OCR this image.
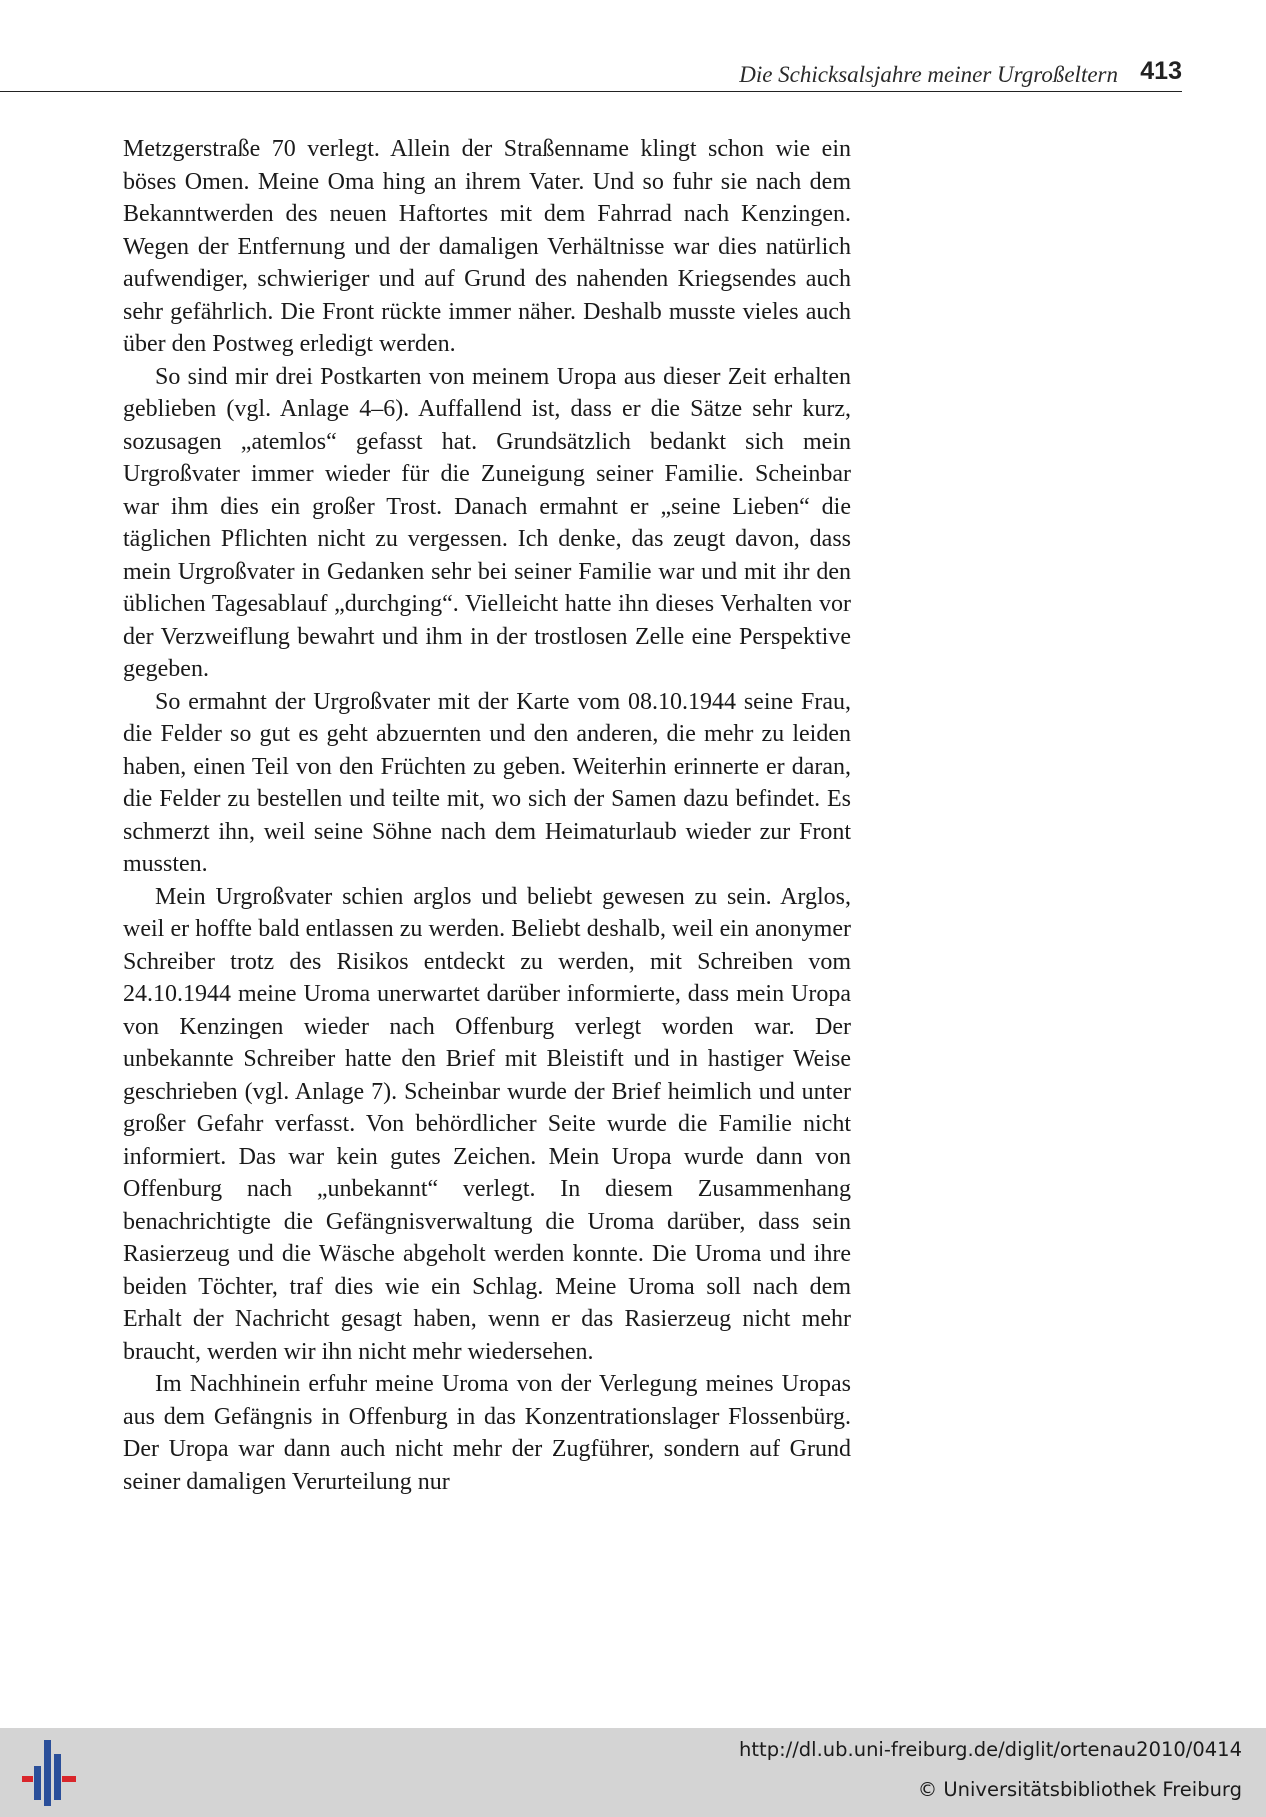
Die Schicksalsjahre meiner Urgroßeltern 413

Metzgerstraße 70 verlegt. Allein der Straßenname klingt schon wie ein böses Omen. Meine Oma hing an ihrem Vater. Und so fuhr sie nach dem Bekanntwerden des neuen Haftortes mit dem Fahrrad nach Kenzingen. Wegen der Entfernung und der damaligen Verhältnisse war dies natürlich aufwendiger, schwieriger und auf Grund des nahenden Kriegsendes auch sehr gefährlich. Die Front rückte immer näher. Deshalb musste vieles auch über den Postweg erledigt werden.

So sind mir drei Postkarten von meinem Uropa aus dieser Zeit erhalten geblieben (vgl. Anlage 4–6). Auffallend ist, dass er die Sätze sehr kurz, sozusagen „atemlos“ gefasst hat. Grundsätzlich bedankt sich mein Urgroßvater immer wieder für die Zuneigung seiner Familie. Scheinbar war ihm dies ein großer Trost. Danach ermahnt er „seine Lieben“ die täglichen Pflichten nicht zu vergessen. Ich denke, das zeugt davon, dass mein Urgroßvater in Gedanken sehr bei seiner Familie war und mit ihr den üblichen Tagesablauf „durchging“. Vielleicht hatte ihn dieses Verhalten vor der Verzweiflung bewahrt und ihm in der trostlosen Zelle eine Perspektive gegeben.

So ermahnt der Urgroßvater mit der Karte vom 08.10.1944 seine Frau, die Felder so gut es geht abzuernten und den anderen, die mehr zu leiden haben, einen Teil von den Früchten zu geben. Weiterhin erinnerte er daran, die Felder zu bestellen und teilte mit, wo sich der Samen dazu befindet. Es schmerzt ihn, weil seine Söhne nach dem Heimaturlaub wieder zur Front mussten.

Mein Urgroßvater schien arglos und beliebt gewesen zu sein. Arglos, weil er hoffte bald entlassen zu werden. Beliebt deshalb, weil ein anonymer Schreiber trotz des Risikos entdeckt zu werden, mit Schreiben vom 24.10.1944 meine Uroma unerwartet darüber informierte, dass mein Uropa von Kenzingen wieder nach Offenburg verlegt worden war. Der unbekannte Schreiber hatte den Brief mit Bleistift und in hastiger Weise geschrieben (vgl. Anlage 7). Scheinbar wurde der Brief heimlich und unter großer Gefahr verfasst. Von behördlicher Seite wurde die Familie nicht informiert. Das war kein gutes Zeichen. Mein Uropa wurde dann von Offenburg nach „unbekannt“ verlegt. In diesem Zusammenhang benachrichtigte die Gefängnisverwaltung die Uroma darüber, dass sein Rasierzeug und die Wäsche abgeholt werden konnte. Die Uroma und ihre beiden Töchter, traf dies wie ein Schlag. Meine Uroma soll nach dem Erhalt der Nachricht gesagt haben, wenn er das Rasierzeug nicht mehr braucht, werden wir ihn nicht mehr wiedersehen.

Im Nachhinein erfuhr meine Uroma von der Verlegung meines Uropas aus dem Gefängnis in Offenburg in das Konzentrationslager Flossenbürg. Der Uropa war dann auch nicht mehr der Zugführer, sondern auf Grund seiner damaligen Verurteilung nur

http://dl.ub.uni-freiburg.de/diglit/ortenau2010/0414
© Universitätsbibliothek Freiburg
